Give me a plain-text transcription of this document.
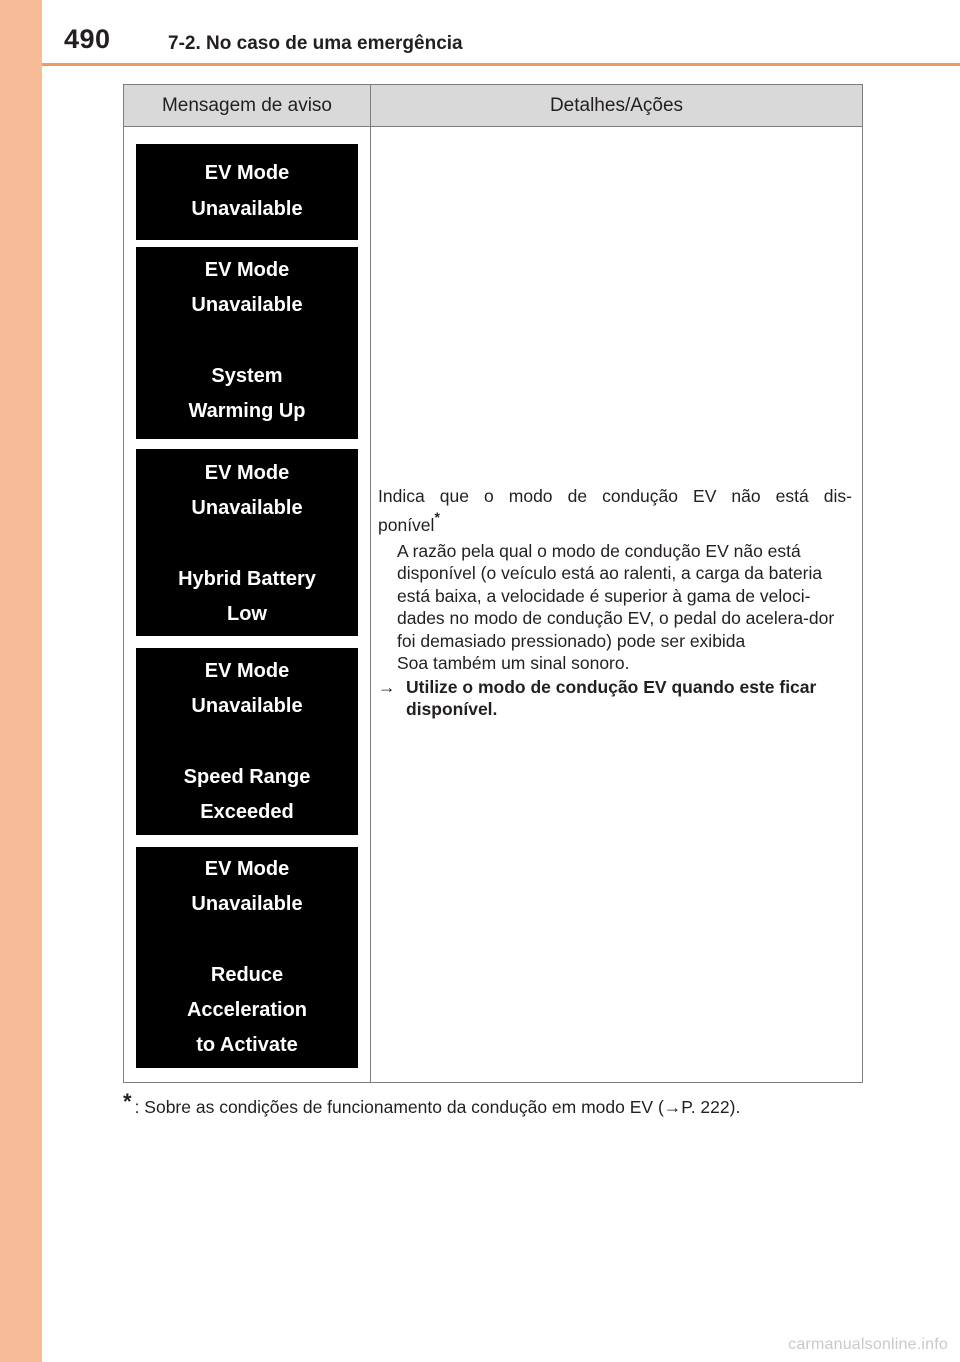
490	7-2. No caso de uma emergência
Mensagem de aviso	Detalhes/Ações
EV Mode
Unavailable
EV Mode
Unavailable
System
Warming Up
EV Mode
Unavailable
Hybrid Battery
Low
EV Mode
Unavailable
Speed Range
Exceeded
EV Mode
Unavailable
Reduce
Acceleration
to Activate
Indica que o modo de condução EV não está dis-
ponível*
A razão pela qual o modo de condução EV não está disponível (o veículo está ao ralenti, a carga da bateria está baixa, a velocidade é superior à gama de veloci-dades no modo de condução EV, o pedal do acelera-dor foi demasiado pressionado) pode ser exibida
Soa também um sinal sonoro.
→ Utilize o modo de condução EV quando este ficar disponível.
* : Sobre as condições de funcionamento da condução em modo EV (→P. 222).
carmanualsonline.info
